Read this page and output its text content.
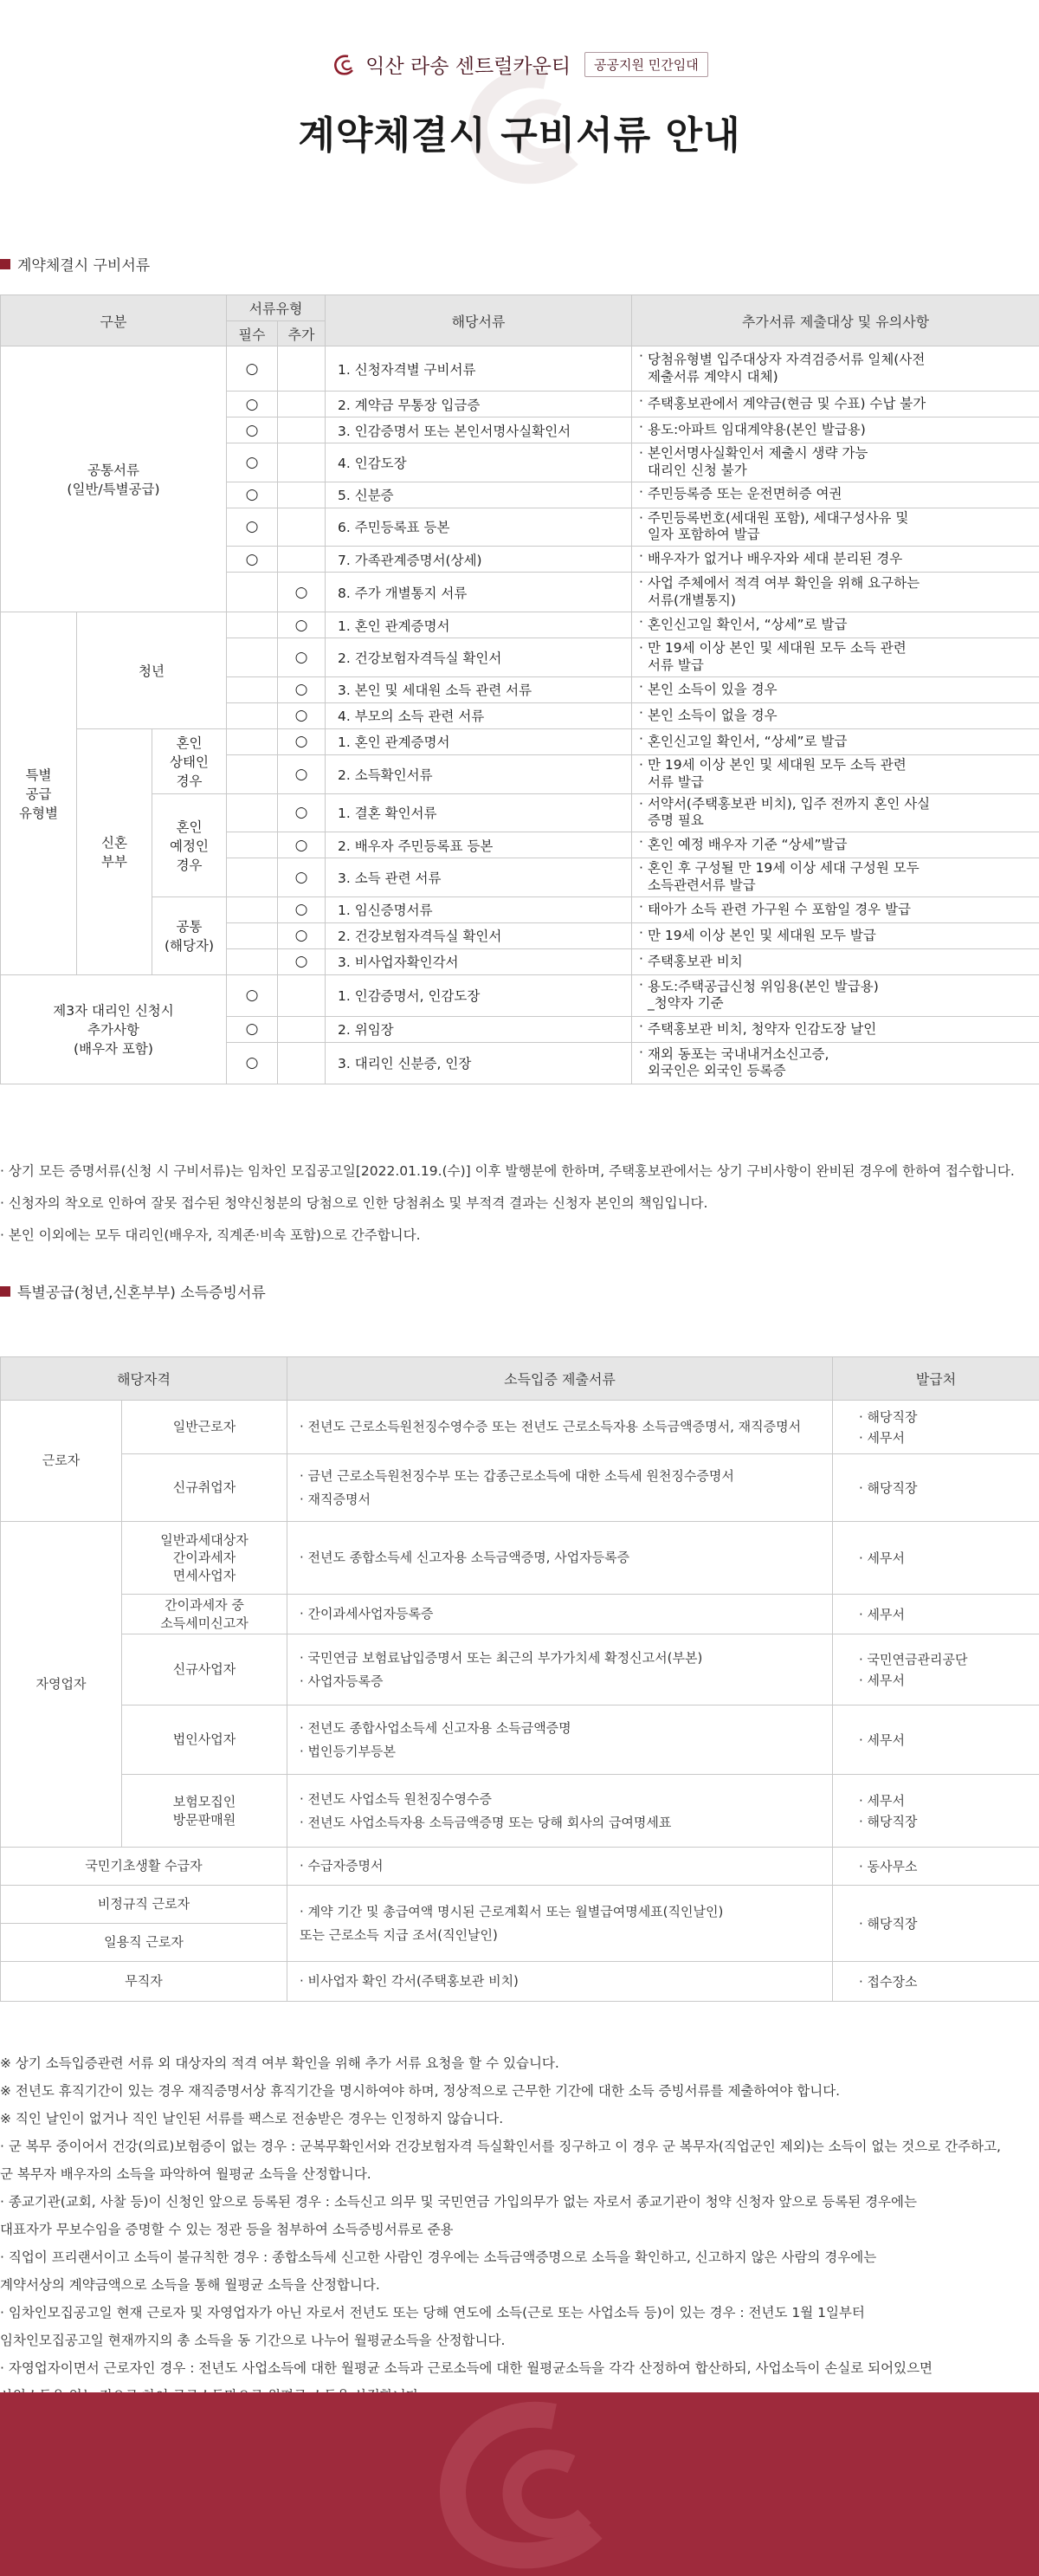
익산 라송 센트럴카운티	공공지원 민간임대
계약체결시 구비서류 안내
계약체결시 구비서류
구분			서류유형		해당서류	추가서류 제출대상 및 유의사항
			필수	추가		
공통서류
(일반/특별공급)			○		1. 신청자격별 구비서류	· 당첨유형별 입주대상자 자격검증서류 일체(사전
제출서류 계약시 대체)

			○		2. 계약금 무통장 입금증	· 주택홍보관에서 계약금(현금 및 수표) 수납 불가
			○		3. 인감증명서 또는 본인서명사실확인서	· 용도:아파트 임대계약용(본인 발급용)
			○		4. 인감도장	· 본인서명사실확인서 제출시 생략 가능
대리인 신청 불가

			○		5. 신분증	· 주민등록증 또는 운전면허증 여권
			○		6. 주민등록표 등본	· 주민등록번호(세대원 포함), 세대구성사유 및
일자 포함하여 발급

			○		7. 가족관계증명서(상세)	· 배우자가 없거나 배우자와 세대 분리된 경우
				○	8. 주가 개별통지 서류	· 사업 주체에서 적격 여부 확인을 위해 요구하는
서류(개별통지)

특별
공급
유형별	청년			○	1. 혼인 관계증명서	· 혼인신고일 확인서, “상세”로 발급
				○	2. 건강보험자격득실 확인서	· 만 19세 이상 본인 및 세대원 모두 소득 관련
서류 발급

				○	3. 본인 및 세대원 소득 관련 서류	· 본인 소득이 있을 경우
				○	4. 부모의 소득 관련 서류	· 본인 소득이 없을 경우
	신혼
부부	혼인
상태인
경우		○	1. 혼인 관계증명서	· 혼인신고일 확인서, “상세”로 발급
				○	2. 소득확인서류	· 만 19세 이상 본인 및 세대원 모두 소득 관련
서류 발급

		혼인
예정인
경우		○	1. 결혼 확인서류	· 서약서(주택홍보관 비치), 입주 전까지 혼인 사실
증명 필요

				○	2. 배우자 주민등록표 등본	· 혼인 예정 배우자 기준 “상세”발급
				○	3. 소득 관련 서류	· 혼인 후 구성될 만 19세 이상 세대 구성원 모두
소득관련서류 발급

		공통
(해당자)		○	1. 임신증명서류	· 태아가 소득 관련 가구원 수 포함일 경우 발급
				○	2. 건강보험자격득실 확인서	· 만 19세 이상 본인 및 세대원 모두 발급
				○	3. 비사업자확인각서	· 주택홍보관 비치
제3자 대리인 신청시
추가사항
(배우자 포함)			○		1. 인감증명서, 인감도장	· 용도:주택공급신청 위임용(본인 발급용)
_청약자 기준

			○		2. 위임장	· 주택홍보관 비치, 청약자 인감도장 날인
			○		3. 대리인 신분증, 인장	· 재외 동포는 국내내거소신고증,
외국인은 외국인 등록증

· 상기 모든 증명서류(신청 시 구비서류)는 임차인 모집공고일[2022.01.19.(수)] 이후 발행분에 한하며, 주택홍보관에서는 상기 구비사항이 완비된 경우에 한하여 접수합니다.

· 신청자의 착오로 인하여 잘못 접수된 청약신청분의 당첨으로 인한 당첨취소 및 부적격 결과는 신청자 본인의 책임입니다.

· 본인 이외에는 모두 대리인(배우자, 직계존·비속 포함)으로 간주합니다.

특별공급(청년,신혼부부) 소득증빙서류
해당자격		소득입증 제출서류	발급처
근로자	일반근로자	· 전년도 근로소득원천징수영수증 또는 전년도 근로소득자용 소득금액증명서, 재직증명서	· 해당직장
· 세무서

	신규취업자	· 금년 근로소득원천징수부 또는 갑종근로소득에 대한 소득세 원천징수증명서
· 재직증명서	· 해당직장

자영업자	일반과세대상자
간이과세자
면세사업자	· 전년도 종합소득세 신고자용 소득금액증명, 사업자등록증	· 세무서

	간이과세자 중
소득세미신고자	· 간이과세사업자등록증	· 세무서

	신규사업자	· 국민연금 보험료납입증명서 또는 최근의 부가가치세 확정신고서(부본)
· 사업자등록증	· 국민연금관리공단
· 세무서

	법인사업자	· 전년도 종합사업소득세 신고자용 소득금액증명
· 법인등기부등본	· 세무서

	보험모집인
방문판매원	· 전년도 사업소득 원천징수영수증
· 전년도 사업소득자용 소득금액증명 또는 당해 회사의 급여명세표	· 세무서
· 해당직장

국민기초생활 수급자		· 수급자증명서	· 동사무소

비정규직 근로자		· 계약 기간 및 총급여액 명시된 근로계획서 또는 월별급여명세표(직인날인)
또는 근로소득 지급 조서(직인날인)	· 해당직장

일용직 근로자			
무직자		· 비사업자 확인 각서(주택홍보관 비치)	· 접수장소

※ 상기 소득입증관련 서류 외 대상자의 적격 여부 확인을 위해 추가 서류 요청을 할 수 있습니다.

※ 전년도 휴직기간이 있는 경우 재직증명서상 휴직기간을 명시하여야 하며, 정상적으로 근무한 기간에 대한 소득 증빙서류를 제출하여야 합니다.

※ 직인 날인이 없거나 직인 날인된 서류를 팩스로 전송받은 경우는 인정하지 않습니다.

· 군 복무 중이어서 건강(의료)보험증이 없는 경우 : 군복무확인서와 건강보험자격 득실확인서를 징구하고 이 경우 군 복무자(직업군인 제외)는 소득이 없는 것으로 간주하고,

군 복무자 배우자의 소득을 파악하여 월평균 소득을 산정합니다.

· 종교기관(교회, 사찰 등)이 신청인 앞으로 등록된 경우 : 소득신고 의무 및 국민연금 가입의무가 없는 자로서 종교기관이 청약 신청자 앞으로 등록된 경우에는

대표자가 무보수임을 증명할 수 있는 정관 등을 첨부하여 소득증빙서류로 준용

· 직업이 프리랜서이고 소득이 불규칙한 경우 : 종합소득세 신고한 사람인 경우에는 소득금액증명으로 소득을 확인하고, 신고하지 않은 사람의 경우에는

계약서상의 계약금액으로 소득을 통해 월평균 소득을 산정합니다.

· 임차인모집공고일 현재 근로자 및 자영업자가 아닌 자로서 전년도 또는 당해 연도에 소득(근로 또는 사업소득 등)이 있는 경우 : 전년도 1월 1일부터

임차인모집공고일 현재까지의 총 소득을 동 기간으로 나누어 월평균소득을 산정합니다.

· 자영업자이면서 근로자인 경우 : 전년도 사업소득에 대한 월평균 소득과 근로소득에 대한 월평균소득을 각각 산정하여 합산하되, 사업소득이 손실로 되어있으면
